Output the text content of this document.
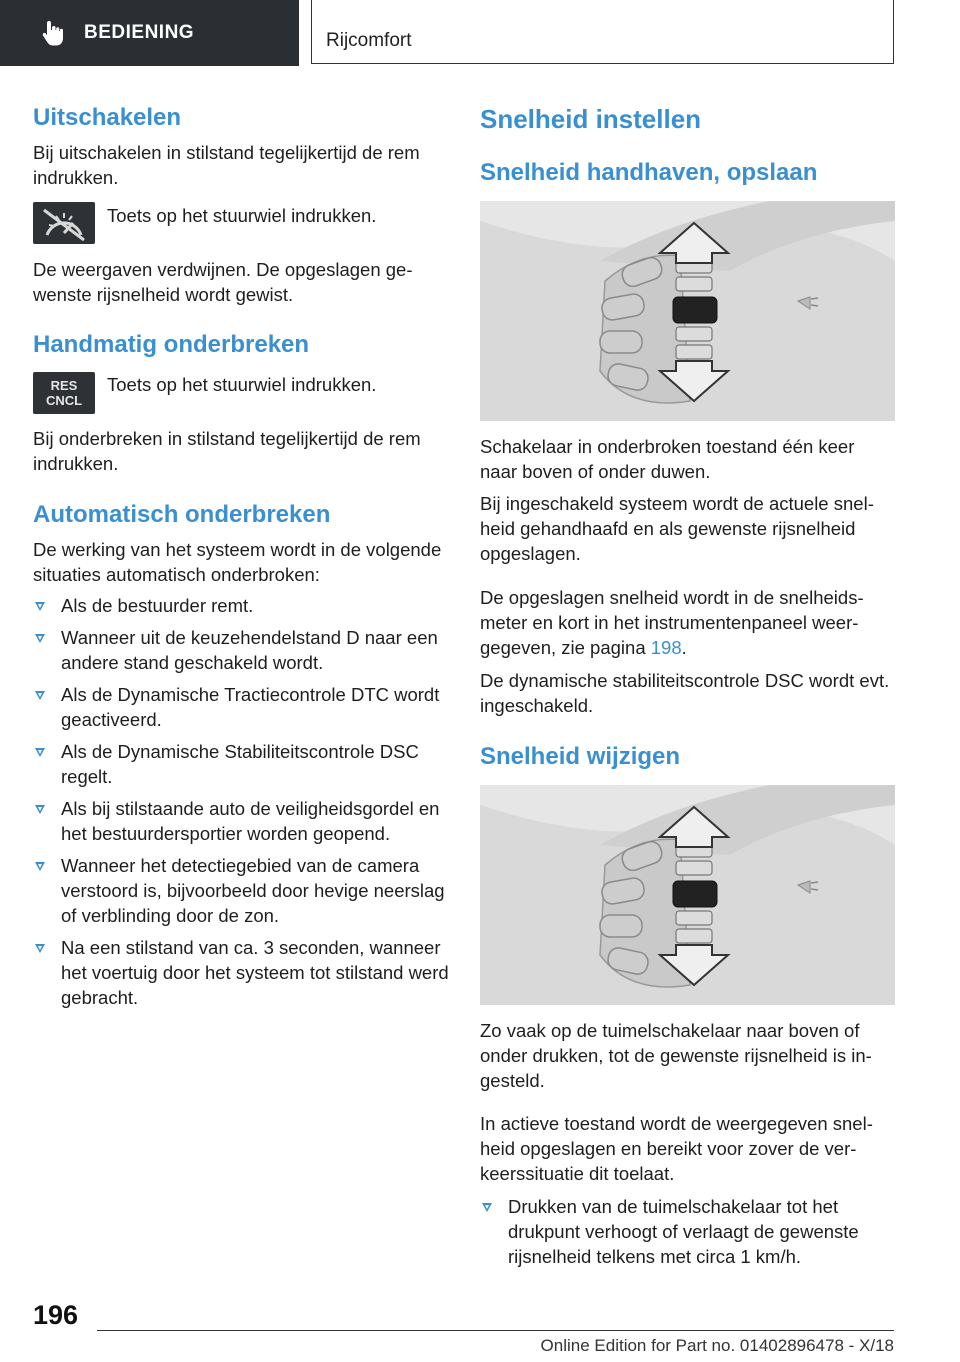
BEDIENING	Rijcomfort
Uitschakelen
Bij uitschakelen in stilstand tegelijkertijd de rem indrukken.
Toets op het stuurwiel indrukken.
De weergaven verdwijnen. De opgeslagen gewenste rijsnelheid wordt gewist.
Handmatig onderbreken
RES
CNCL
Toets op het stuurwiel indrukken.
Bij onderbreken in stilstand tegelijkertijd de rem indrukken.
Automatisch onderbreken
De werking van het systeem wordt in de volgende situaties automatisch onderbroken:
Als de bestuurder remt.
Wanneer uit de keuzehendelstand D naar een andere stand geschakeld wordt.
Als de Dynamische Tractiecontrole DTC wordt geactiveerd.
Als de Dynamische Stabiliteitscontrole DSC regelt.
Als bij stilstaande auto de veiligheidsgordel en het bestuurdersportier worden geopend.
Wanneer het detectiegebied van de camera verstoord is, bijvoorbeeld door hevige neerslag of verblinding door de zon.
Na een stilstand van ca. 3 seconden, wanneer het voertuig door het systeem tot stilstand werd gebracht.
Snelheid instellen
Snelheid handhaven, opslaan
Schakelaar in onderbroken toestand één keer naar boven of onder duwen.
Bij ingeschakeld systeem wordt de actuele snelheid gehandhaafd en als gewenste rijsnelheid opgeslagen.
De opgeslagen snelheid wordt in de snelheidsmeter en kort in het instrumentenpaneel weergegeven, zie pagina 198.
De dynamische stabiliteitscontrole DSC wordt evt. ingeschakeld.
Snelheid wijzigen
Zo vaak op de tuimelschakelaar naar boven of onder drukken, tot de gewenste rijsnelheid is ingesteld.
In actieve toestand wordt de weergegeven snelheid opgeslagen en bereikt voor zover de verkeerssituatie dit toelaat.
Drukken van de tuimelschakelaar tot het drukpunt verhoogt of verlaagt de gewenste rijsnelheid telkens met circa 1 km/h.
196
Online Edition for Part no. 01402896478 - X/18
